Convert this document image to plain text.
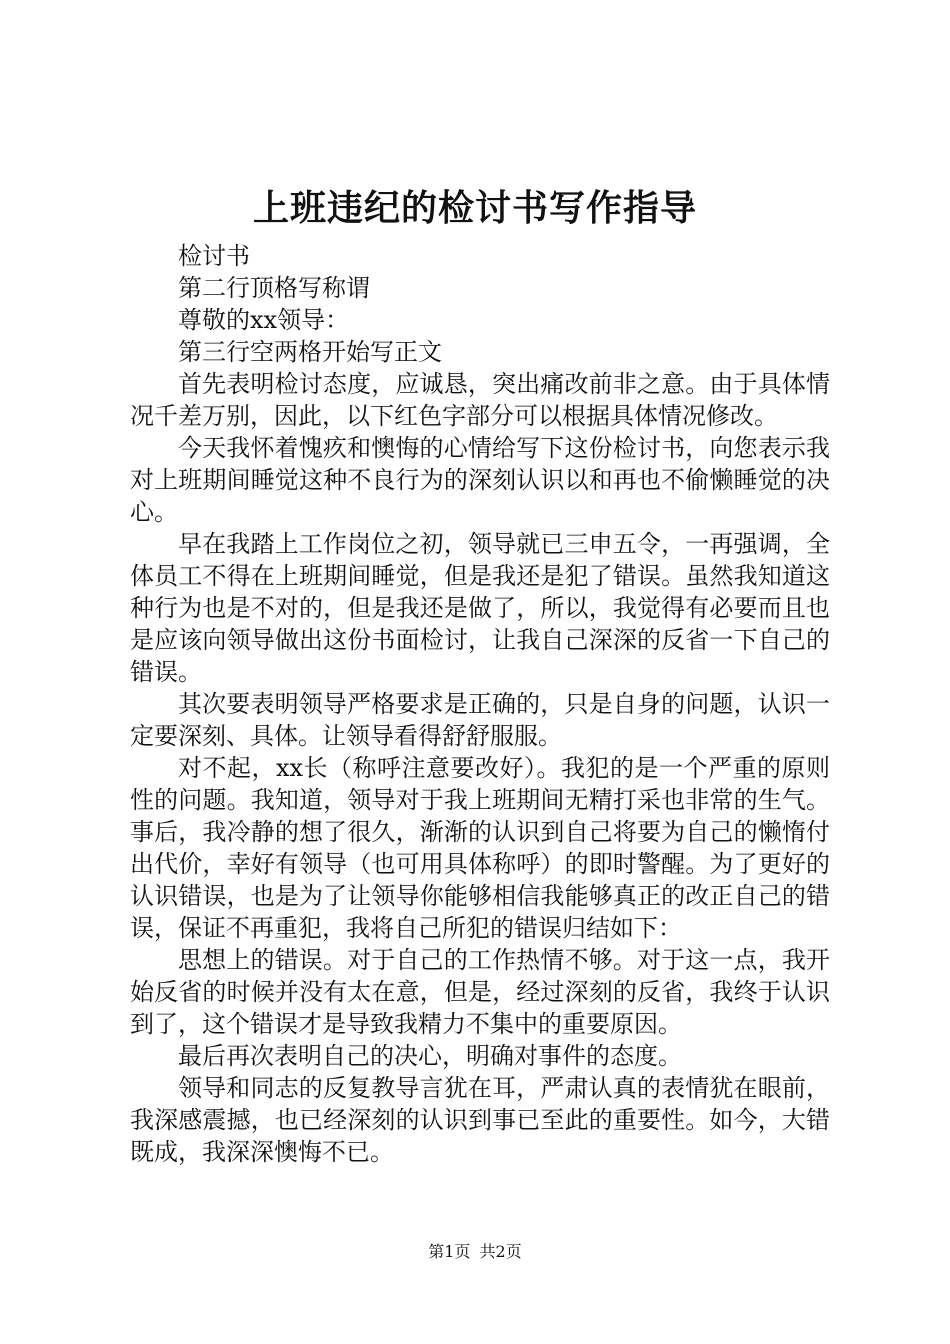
上班违纪的检讨书写作指导

检讨书

第二行顶格写称谓

尊敬的xx领导：

第三行空两格开始写正文

首先表明检讨态度，应诚恳，突出痛改前非之意。由于具体情况千差万别，因此，以下红色字部分可以根据具体情况修改。

今天我怀着愧疚和懊悔的心情给写下这份检讨书，向您表示我对上班期间睡觉这种不良行为的深刻认识以和再也不偷懒睡觉的决心。

早在我踏上工作岗位之初，领导就已三申五令，一再强调，全体员工不得在上班期间睡觉，但是我还是犯了错误。虽然我知道这种行为也是不对的，但是我还是做了，所以，我觉得有必要而且也是应该向领导做出这份书面检讨，让我自己深深的反省一下自己的错误。

其次要表明领导严格要求是正确的，只是自身的问题，认识一定要深刻、具体。让领导看得舒舒服服。

对不起，xx长（称呼注意要改好）。我犯的是一个严重的原则性的问题。我知道，领导对于我上班期间无精打采也非常的生气。事后，我冷静的想了很久，渐渐的认识到自己将要为自己的懒惰付出代价，幸好有领导（也可用具体称呼）的即时警醒。为了更好的认识错误，也是为了让领导你能够相信我能够真正的改正自己的错误，保证不再重犯，我将自己所犯的错误归结如下：

思想上的错误。对于自己的工作热情不够。对于这一点，我开始反省的时候并没有太在意，但是，经过深刻的反省，我终于认识到了，这个错误才是导致我精力不集中的重要原因。

最后再次表明自己的决心，明确对事件的态度。

领导和同志的反复教导言犹在耳，严肃认真的表情犹在眼前，我深感震撼，也已经深刻的认识到事已至此的重要性。如今，大错既成，我深深懊悔不已。

第1页 共2页
